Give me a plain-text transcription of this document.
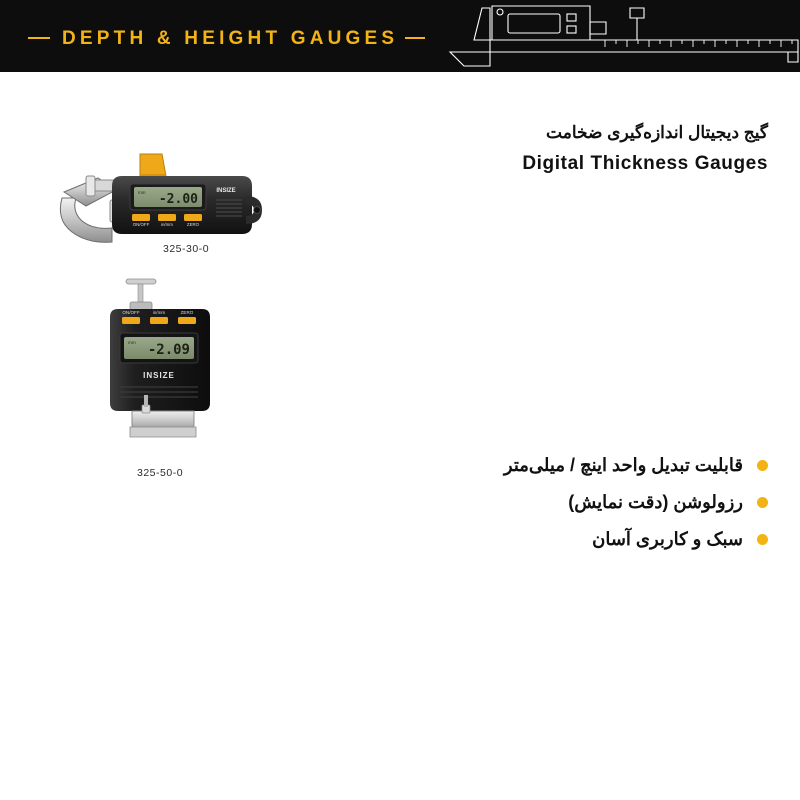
DEPTH & HEIGHT GAUGES
گیج دیجیتال اندازه‌گیری ضخامت
Digital Thickness Gauges
قابلیت تبدیل واحد اینچ / میلی‌متر
رزولوشن (دقت نمایش)
سبک و کاربری آسان
-2.00
mm
ON/OFF	in/mm	ZERO
INSIZE
325-30-0
ON/OFF	in/mm	ZERO
-2.09
mm
INSIZE
325-50-0
